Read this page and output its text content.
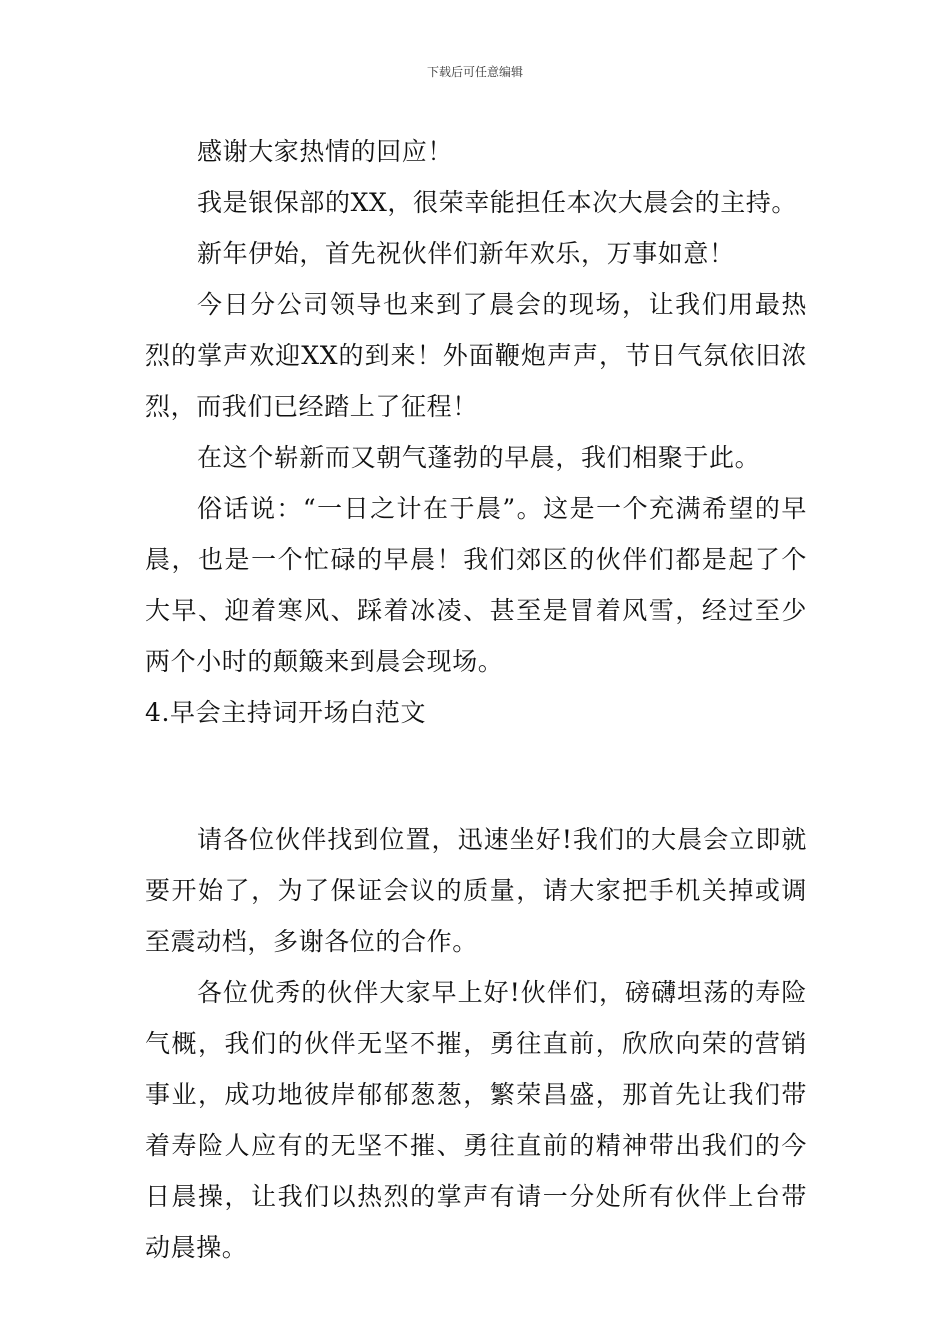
下载后可任意编辑

感谢大家热情的回应！

我是银保部的XX，很荣幸能担任本次大晨会的主持。

新年伊始，首先祝伙伴们新年欢乐，万事如意！

今日分公司领导也来到了晨会的现场，让我们用最热烈的掌声欢迎XX的到来！外面鞭炮声声，节日气氛依旧浓烈，而我们已经踏上了征程！

在这个崭新而又朝气蓬勃的早晨，我们相聚于此。

俗话说：“一日之计在于晨”。这是一个充满希望的早晨，也是一个忙碌的早晨！我们郊区的伙伴们都是起了个大早、迎着寒风、踩着冰凌、甚至是冒着风雪，经过至少两个小时的颠簸来到晨会现场。

4.早会主持词开场白范文

请各位伙伴找到位置，迅速坐好!我们的大晨会立即就要开始了，为了保证会议的质量，请大家把手机关掉或调至震动档，多谢各位的合作。

各位优秀的伙伴大家早上好!伙伴们，磅礴坦荡的寿险气概，我们的伙伴无坚不摧，勇往直前，欣欣向荣的营销事业，成功地彼岸郁郁葱葱，繁荣昌盛，那首先让我们带着寿险人应有的无坚不摧、勇往直前的精神带出我们的今日晨操，让我们以热烈的掌声有请一分处所有伙伴上台带动晨操。
